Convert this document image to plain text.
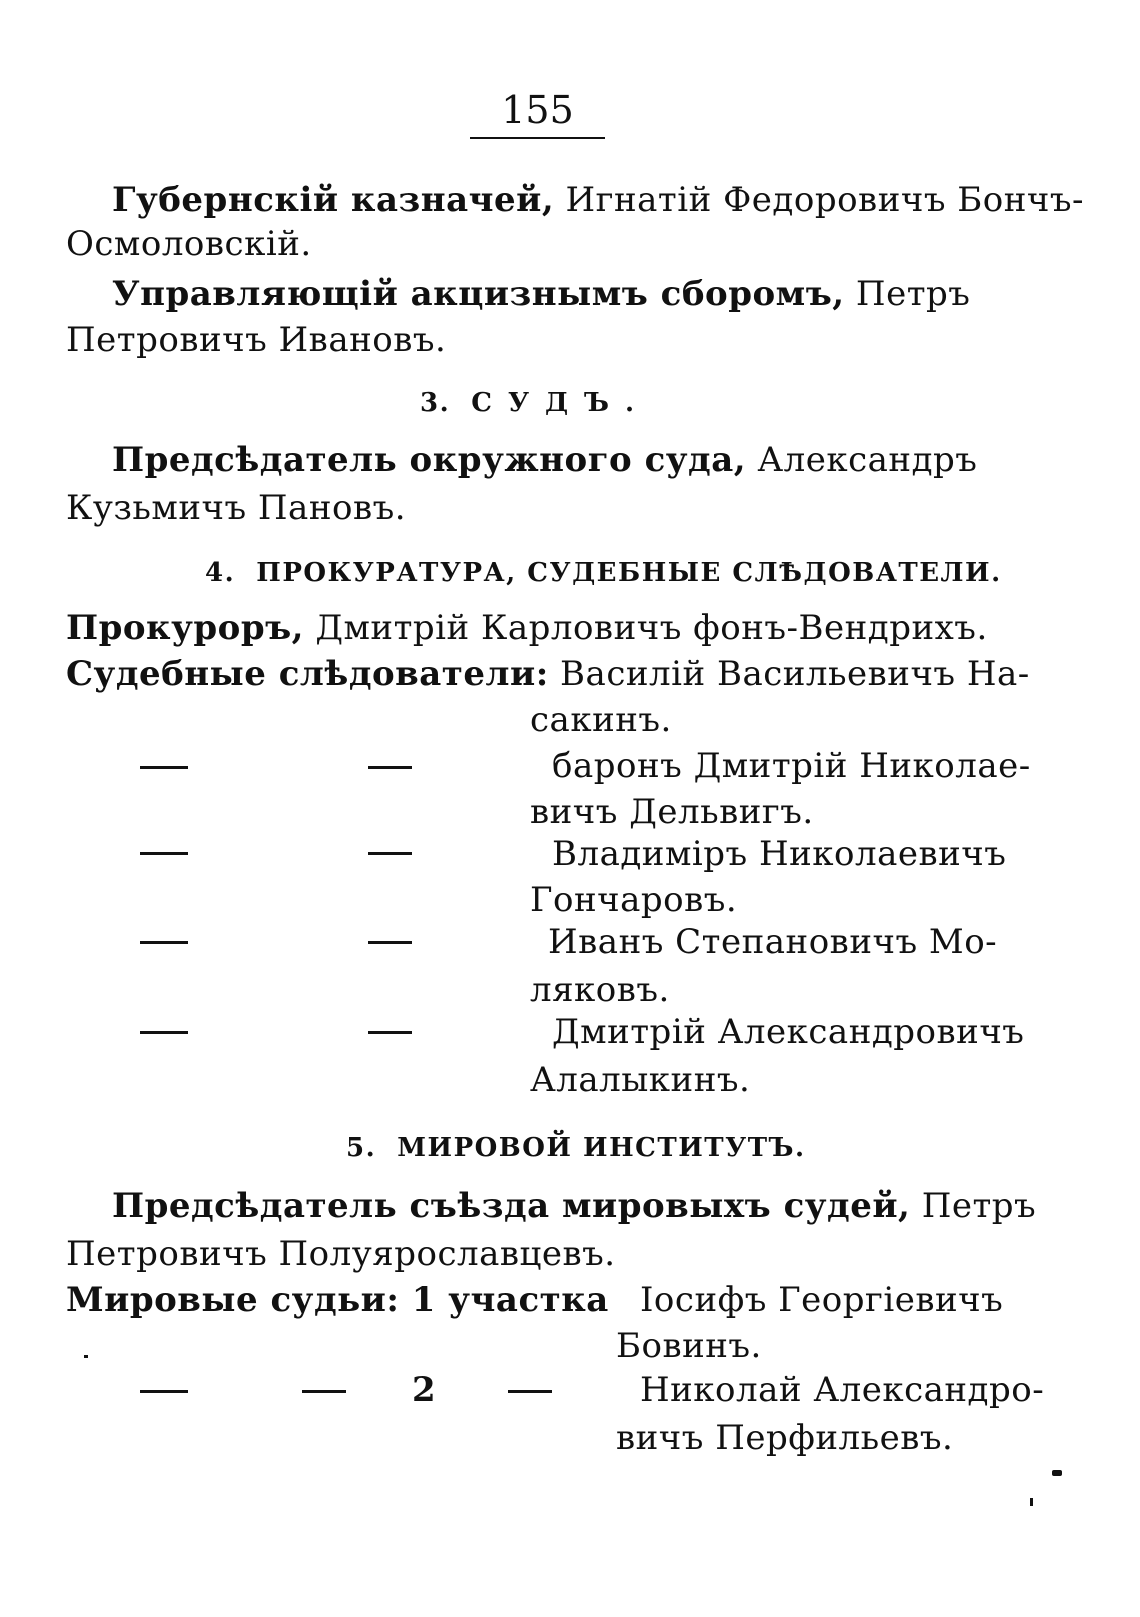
155
Губернскій казначей, Игнатій Федоровичъ Бончъ-
Осмоловскій.
Управляющій акцизнымъ сборомъ, Петръ
Петровичъ Ивановъ.
3. СУДЪ.
Предсѣдатель окружного суда, Александръ
Кузьмичъ Пановъ.
4. ПРОКУРАТУРА, СУДЕБНЫЕ СЛѢДОВАТЕЛИ.
Прокуроръ, Дмитрій Карловичъ фонъ-Вендрихъ.
Судебные слѣдователи: Василій Васильевичъ На-
сакинъ.
баронъ Дмитрій Николае-
вичъ Дельвигъ.
Владиміръ Николаевичъ
Гончаровъ.
Иванъ Степановичъ Мо-
ляковъ.
Дмитрій Александровичъ
Алалыкинъ.
5. МИРОВОЙ ИНСТИТУТЪ.
Предсѣдатель съѣзда мировыхъ судей, Петръ
Петровичъ Полуярославцевъ.
Мировые судьи: 1 участка Іосифъ Георгіевичъ
Бовинъ.
2	Николай Александро-
вичъ Перфильевъ.
